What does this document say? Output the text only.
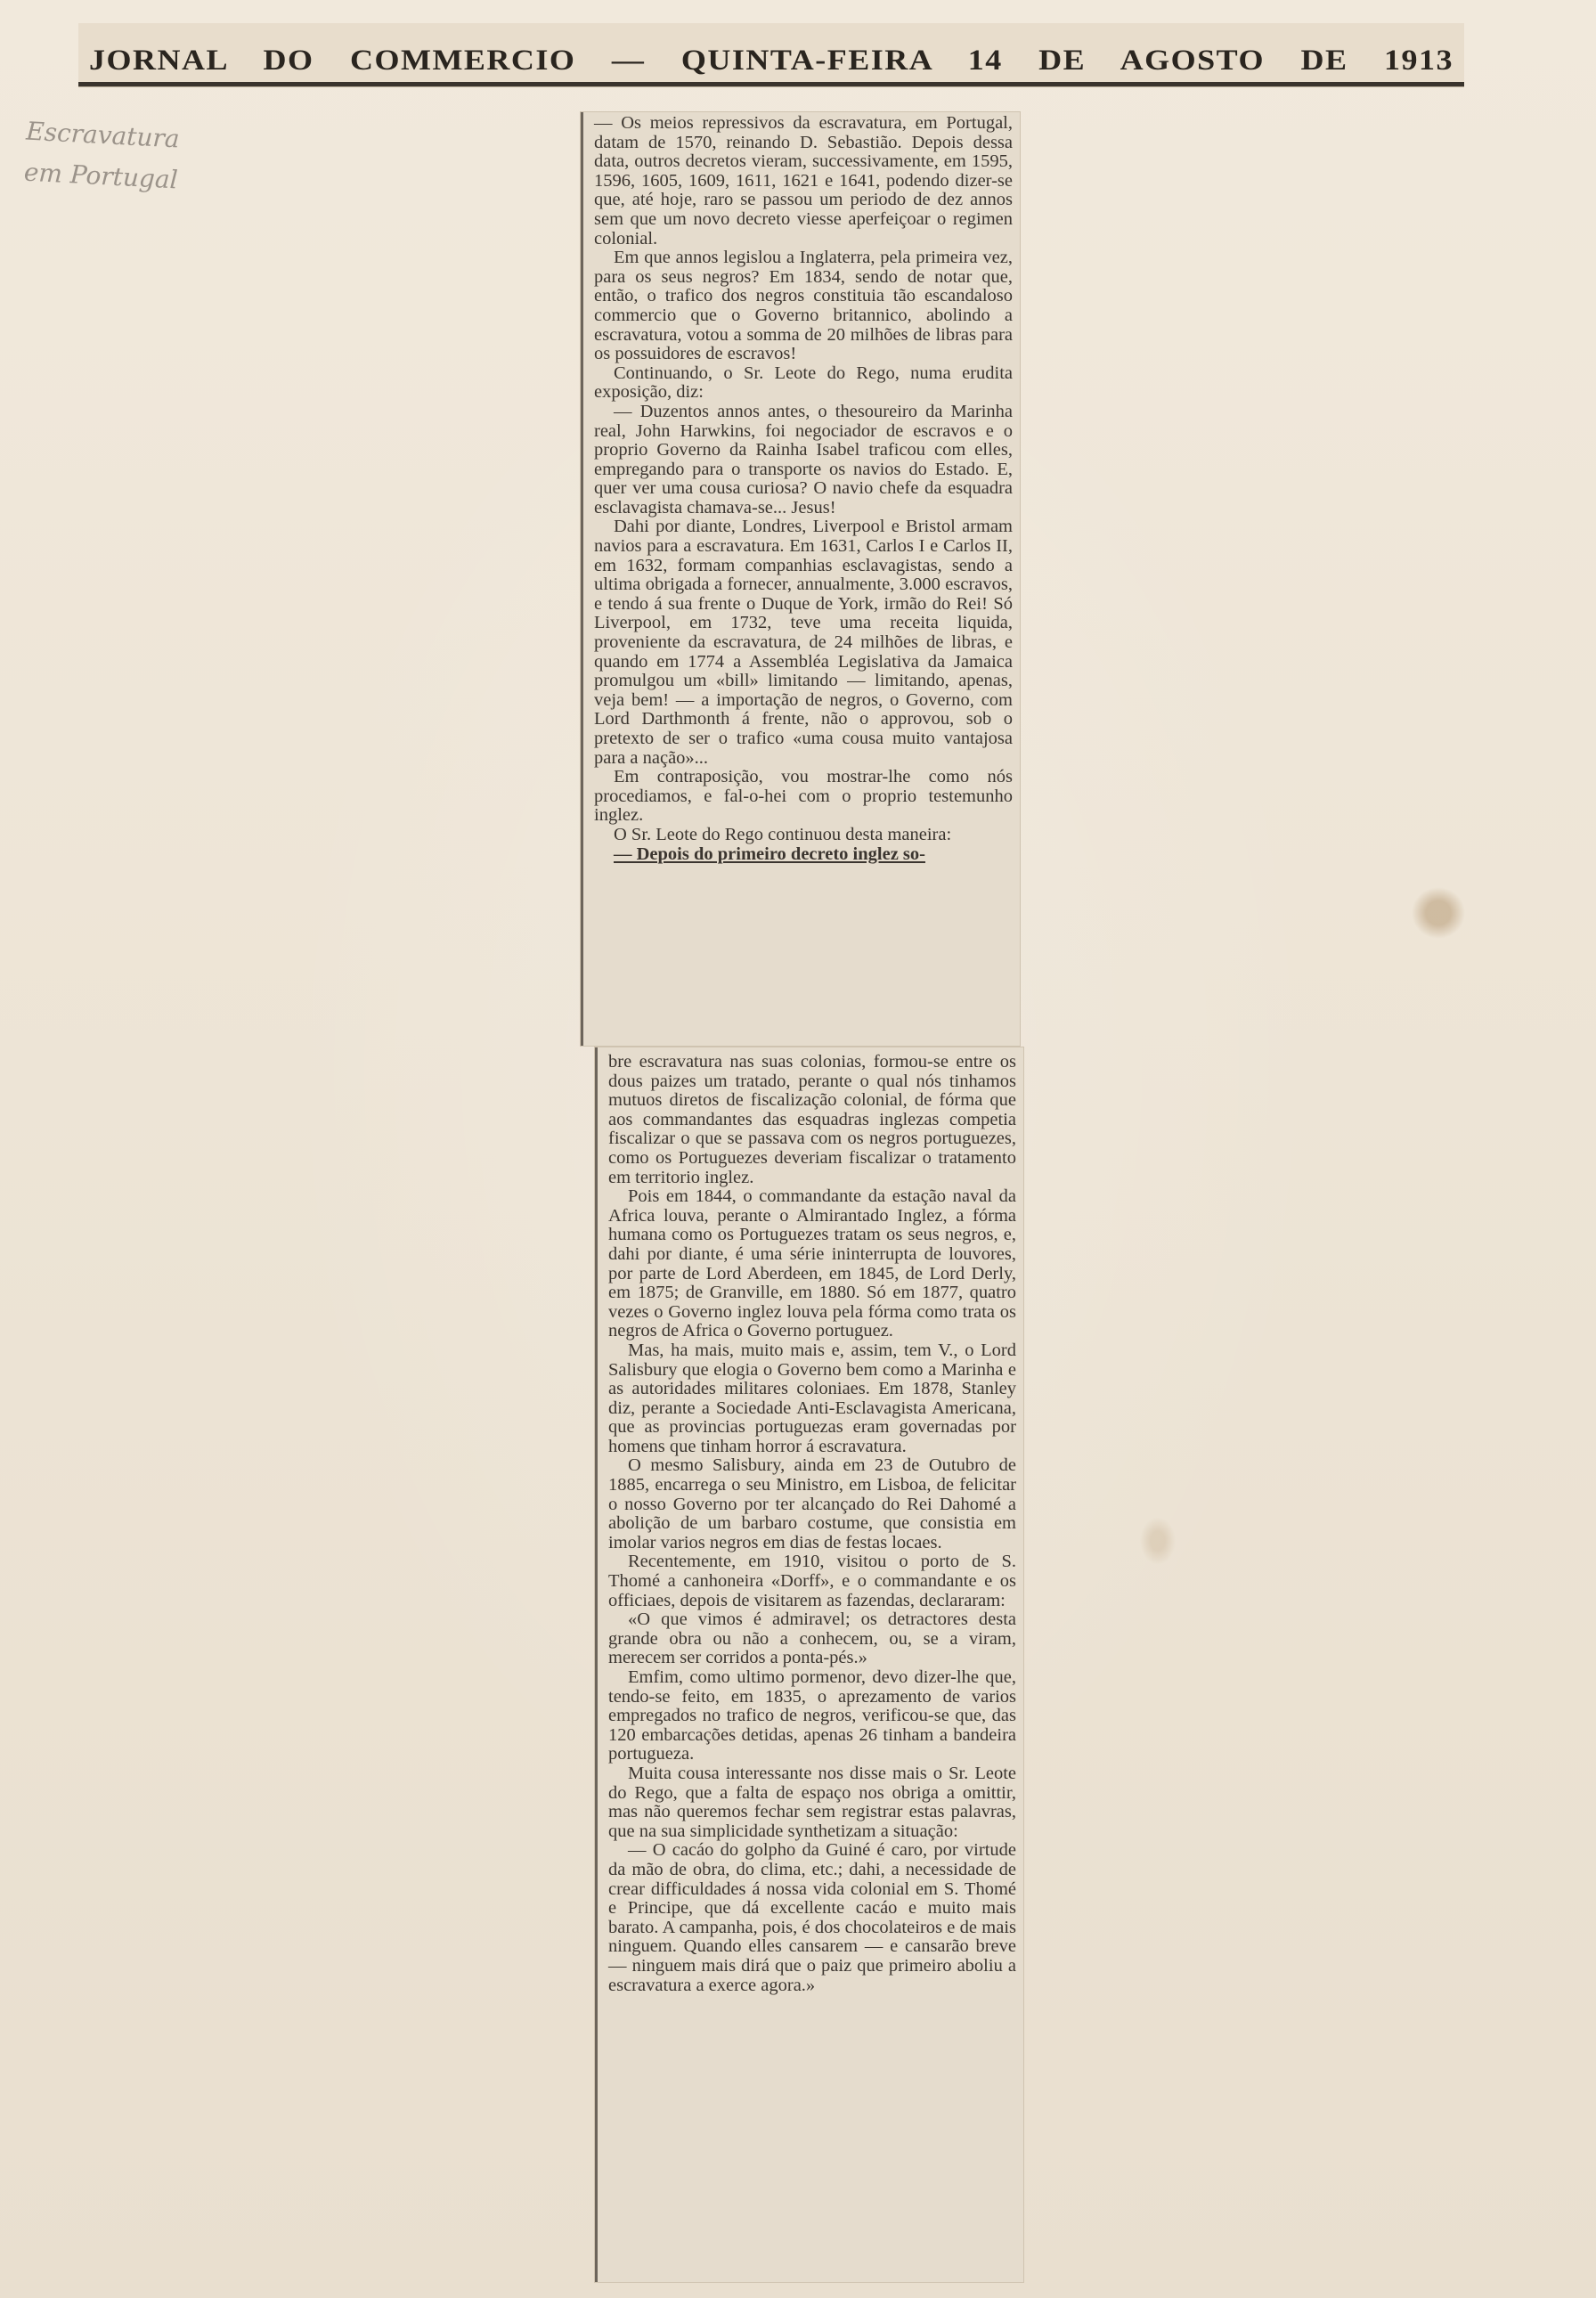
JORNAL DO COMMERCIO — QUINTA-FEIRA 14 DE AGOSTO DE 1913
Escravatura em Portugal

— Os meios repressivos da escravatura, em Portugal, datam de 1570, reinando D. Sebastião. Depois dessa data, outros decretos vieram, successivamente, em 1595, 1596, 1605, 1609, 1611, 1621 e 1641, podendo dizer-se que, até hoje, raro se passou um periodo de dez annos sem que um novo decreto viesse aperfeiçoar o regimen colonial.

Em que annos legislou a Inglaterra, pela primeira vez, para os seus negros? Em 1834, sendo de notar que, então, o trafico dos negros constituia tão escandaloso commercio que o Governo britannico, abolindo a escravatura, votou a somma de 20 milhões de libras para os possuidores de escravos!

Continuando, o Sr. Leote do Rego, numa erudita exposição, diz:

— Duzentos annos antes, o thesoureiro da Marinha real, John Harwkins, foi negociador de escravos e o proprio Governo da Rainha Isabel traficou com elles, empregando para o transporte os navios do Estado. E, quer ver uma cousa curiosa? O navio chefe da esquadra esclavagista chamava-se... Jesus!

Dahi por diante, Londres, Liverpool e Bristol armam navios para a escravatura. Em 1631, Carlos I e Carlos II, em 1632, formam companhias esclavagistas, sendo a ultima obrigada a fornecer, annualmente, 3.000 escravos, e tendo á sua frente o Duque de York, irmão do Rei! Só Liverpool, em 1732, teve uma receita liquida, proveniente da escravatura, de 24 milhões de libras, e quando em 1774 a Assembléa Legislativa da Jamaica promulgou um «bill» limitando — limitando, apenas, veja bem! — a importação de negros, o Governo, com Lord Darthmonth á frente, não o approvou, sob o pretexto de ser o trafico «uma cousa muito vantajosa para a nação»...

Em contraposição, vou mostrar-lhe como nós procediamos, e fal-o-hei com o proprio testemunho inglez.

O Sr. Leote do Rego continuou desta maneira:

— Depois do primeiro decreto inglez so-

bre escravatura nas suas colonias, formou-se entre os dous paizes um tratado, perante o qual nós tinhamos mutuos diretos de fiscalização colonial, de fórma que aos commandantes das esquadras inglezas competia fiscalizar o que se passava com os negros portuguezes, como os Portuguezes deveriam fiscalizar o tratamento em territorio inglez.

Pois em 1844, o commandante da estação naval da Africa louva, perante o Almirantado Inglez, a fórma humana como os Portuguezes tratam os seus negros, e, dahi por diante, é uma série ininterrupta de louvores, por parte de Lord Aberdeen, em 1845, de Lord Derly, em 1875; de Granville, em 1880. Só em 1877, quatro vezes o Governo inglez louva pela fórma como trata os negros de Africa o Governo portuguez.

Mas, ha mais, muito mais e, assim, tem V., o Lord Salisbury que elogia o Governo bem como a Marinha e as autoridades militares coloniaes. Em 1878, Stanley diz, perante a Sociedade Anti-Esclavagista Americana, que as provincias portuguezas eram governadas por homens que tinham horror á escravatura.

O mesmo Salisbury, ainda em 23 de Outubro de 1885, encarrega o seu Ministro, em Lisboa, de felicitar o nosso Governo por ter alcançado do Rei Dahomé a abolição de um barbaro costume, que consistia em imolar varios negros em dias de festas locaes.

Recentemente, em 1910, visitou o porto de S. Thomé a canhoneira «Dorff», e o commandante e os officiaes, depois de visitarem as fazendas, declararam:

«O que vimos é admiravel; os detractores desta grande obra ou não a conhecem, ou, se a viram, merecem ser corridos a ponta-pés.»

Emfim, como ultimo pormenor, devo dizer-lhe que, tendo-se feito, em 1835, o aprezamento de varios empregados no trafico de negros, verificou-se que, das 120 embarcações detidas, apenas 26 tinham a bandeira portugueza.

Muita cousa interessante nos disse mais o Sr. Leote do Rego, que a falta de espaço nos obriga a omittir, mas não queremos fechar sem registrar estas palavras, que na sua simplicidade synthetizam a situação:

— O cacáo do golpho da Guiné é caro, por virtude da mão de obra, do clima, etc.; dahi, a necessidade de crear difficuldades á nossa vida colonial em S. Thomé e Principe, que dá excellente cacáo e muito mais barato. A campanha, pois, é dos chocolateiros e de mais ninguem. Quando elles cansarem — e cansarão breve — ninguem mais dirá que o paiz que primeiro aboliu a escravatura a exerce agora.»
